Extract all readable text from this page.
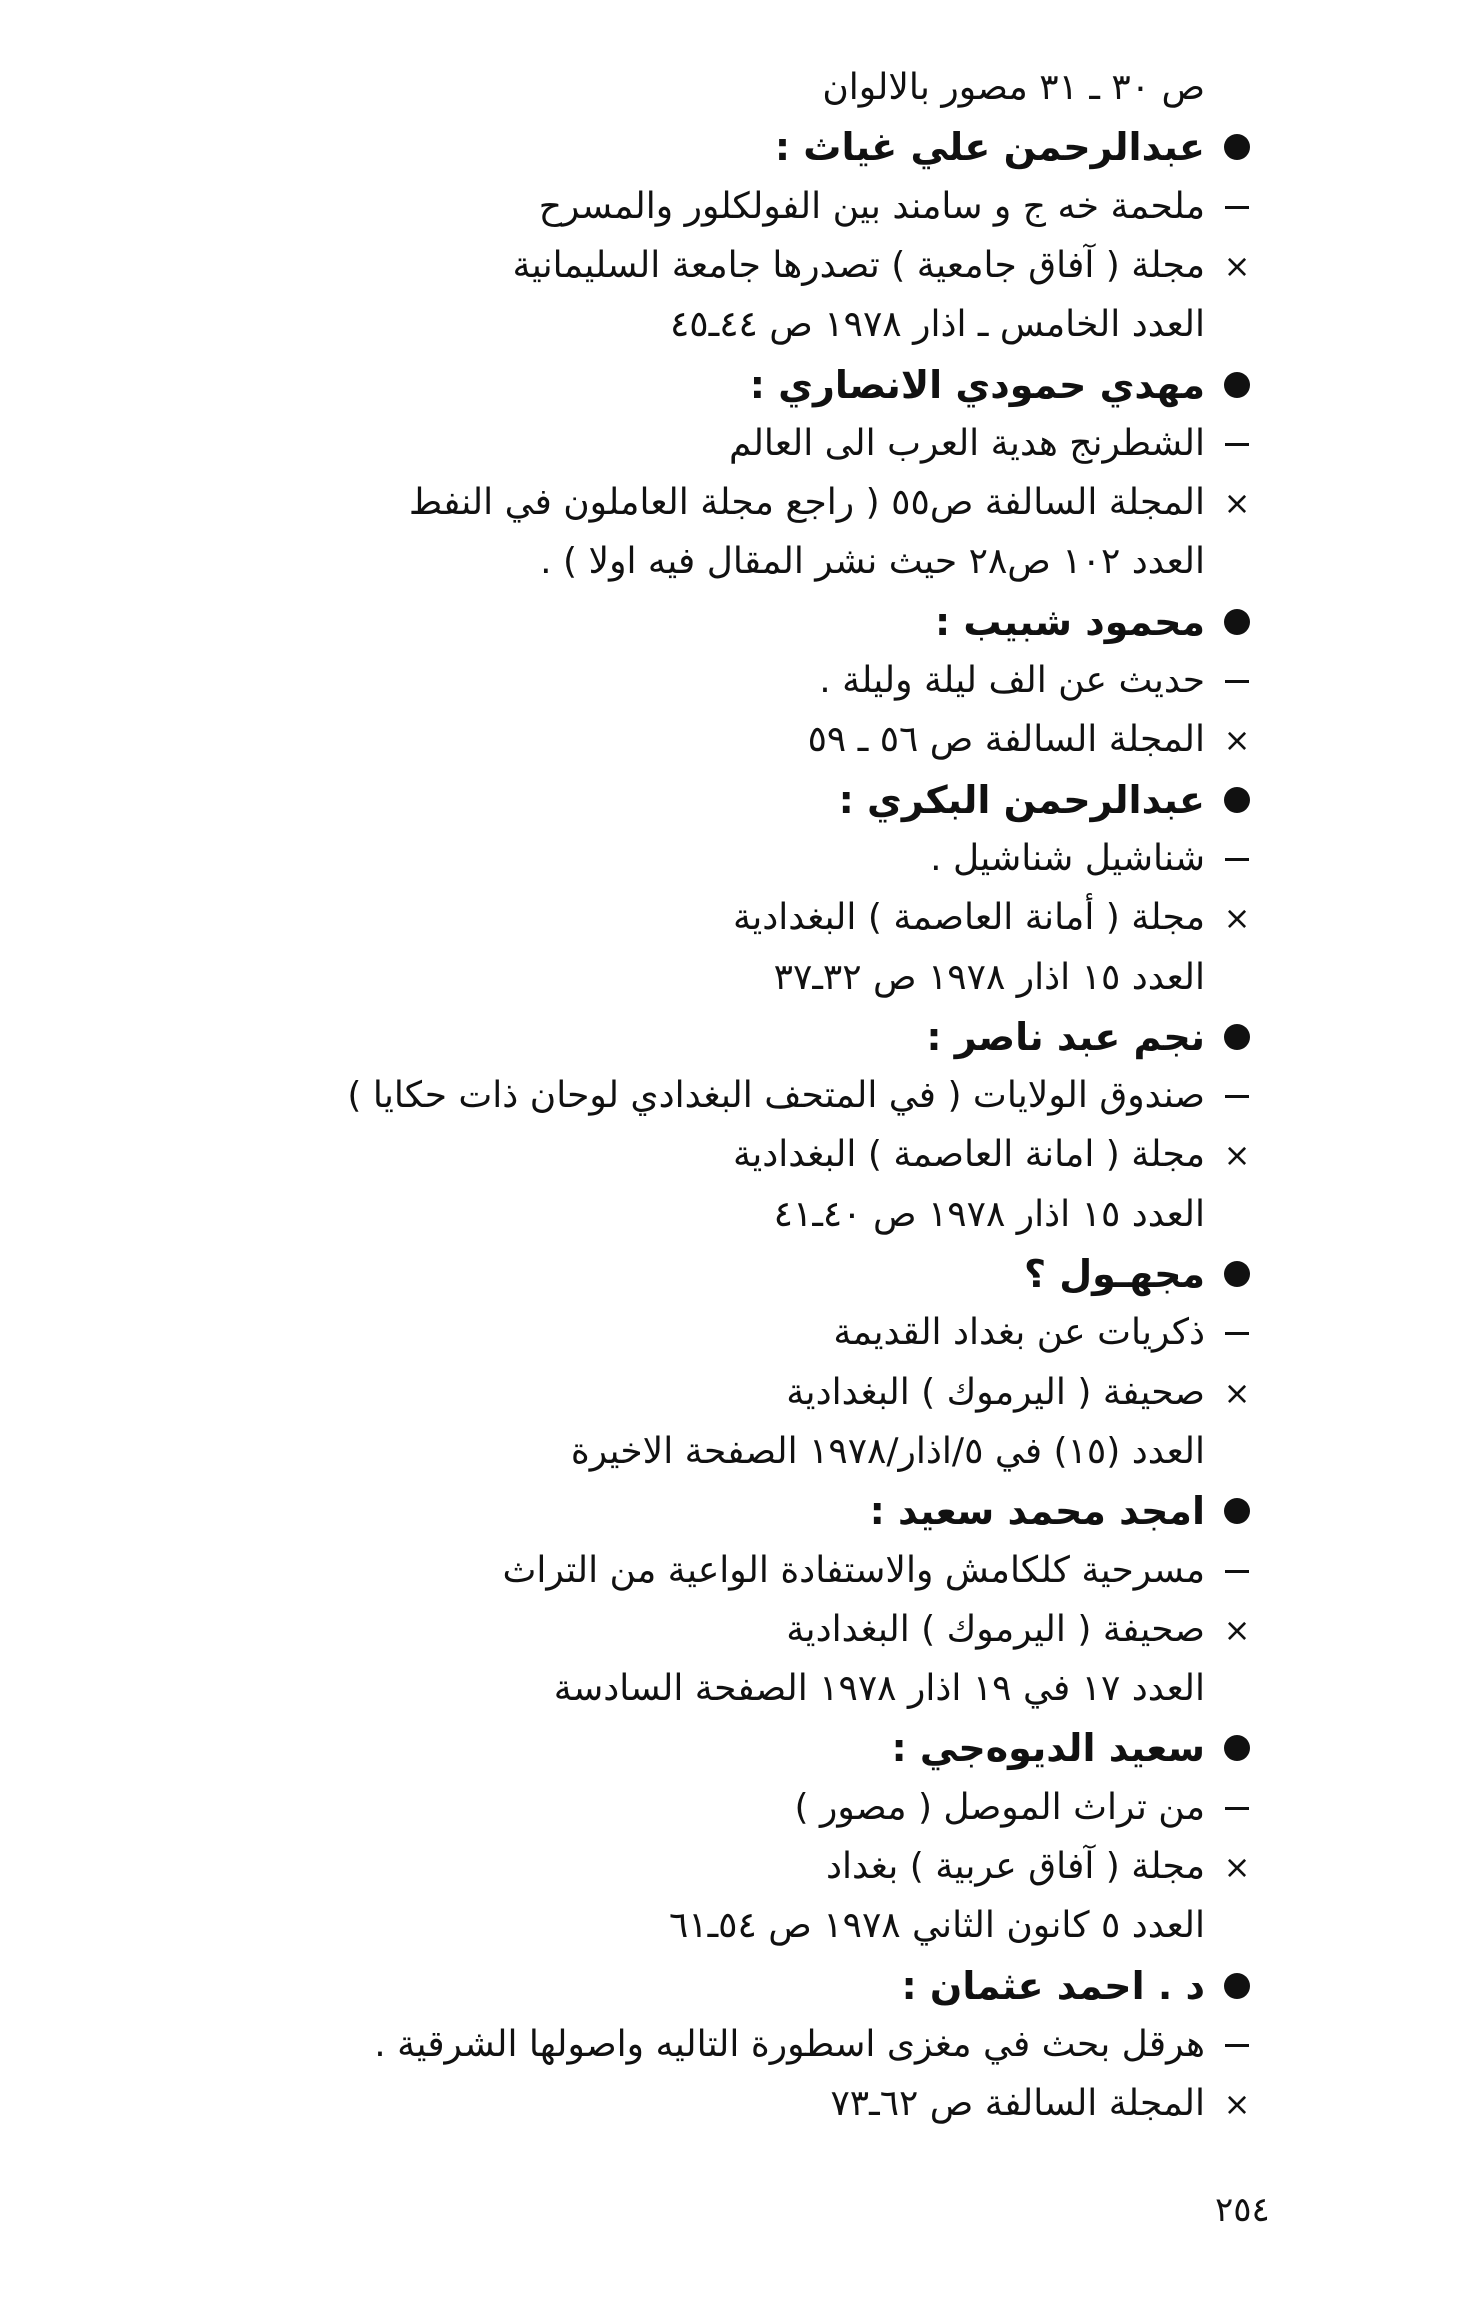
ص ٣٠ ـ ٣١ مصور بالالوان
عبدالرحمن علي غياث :
ملحمة خه ج و سامند بين الفولكلور والمسرح
×
مجلة ( آفاق جامعية ) تصدرها جامعة السليمانية
العدد الخامس ـ اذار ١٩٧٨ ص ٤٤ـ٤٥
مهدي حمودي الانصاري :
الشطرنج هدية العرب الى العالم
×
المجلة السالفة ص٥٥ ( راجع مجلة العاملون في النفط
العدد ١٠٢ ص٢٨ حيث نشر المقال فيه اولا ) .
محمود شبيب :
حديث عن الف ليلة وليلة .
×
المجلة السالفة ص ٥٦ ـ ٥٩
عبدالرحمن البكري :
شناشيل شناشيل .
×
مجلة ( أمانة العاصمة ) البغدادية
العدد ١٥ اذار ١٩٧٨ ص ٣٢ـ٣٧
نجم عبد ناصر :
صندوق الولايات ( في المتحف البغدادي لوحان ذات حكايا )
×
مجلة ( امانة العاصمة ) البغدادية
العدد ١٥ اذار ١٩٧٨ ص ٤٠ـ٤١
مجهـول ؟
ذكريات عن بغداد القديمة
×
صحيفة ( اليرموك ) البغدادية
العدد (١٥) في ٥/اذار/١٩٧٨ الصفحة الاخيرة
امجد محمد سعيد :
مسرحية كلكامش والاستفادة الواعية من التراث
×
صحيفة ( اليرموك ) البغدادية
العدد ١٧ في ١٩ اذار ١٩٧٨ الصفحة السادسة
سعيد الديوه‌جي :
من تراث الموصل ( مصور )
×
مجلة ( آفاق عربية ) بغداد
العدد ٥ كانون الثاني ١٩٧٨ ص ٥٤ـ٦١
د . احمد عثمان :
هرقل بحث في مغزى اسطورة التاليه واصولها الشرقية .
×
المجلة السالفة ص ٦٢ـ٧٣
٢٥٤
